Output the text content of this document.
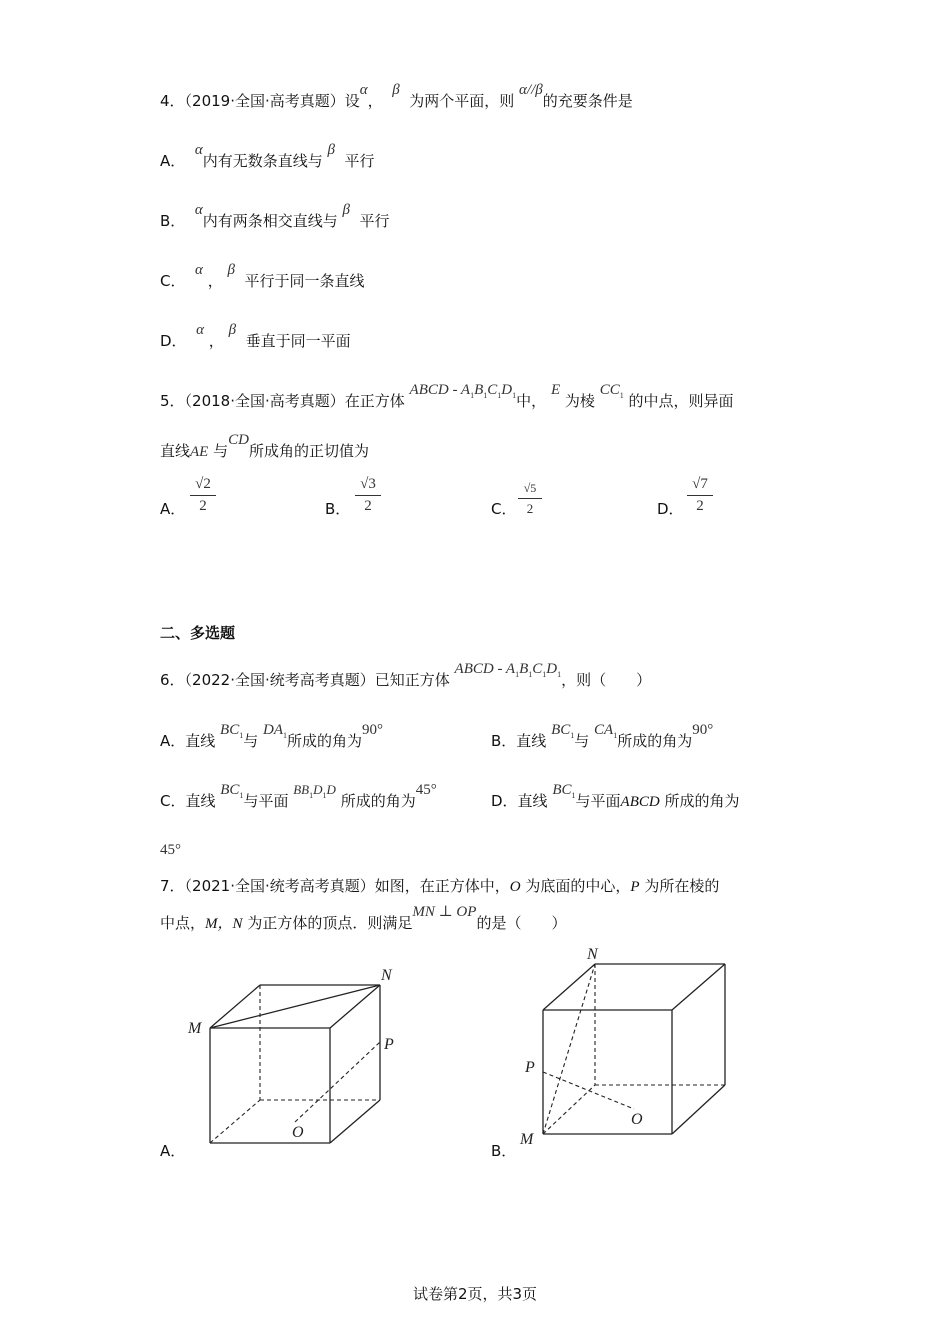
4．（2019·全国·高考真题）设α，  β  为两个平面，则 α//β的充要条件是
A．  α内有无数条直线与 β  平行
B．  α内有两条相交直线与 β  平行
C．  α ， β  平行于同一条直线
D．  α ， β  垂直于同一平面
5．（2018·全国·高考真题）在正方体 ABCD - $A_1B_1C_1D_1$中， E 为棱 $CC_1$ 的中点，则异面
直线AE 与CD所成角的正切值为
A． $\frac{√2}{2}$	B． $\frac{√3}{2}$	C． $\frac{√5}{2}$	D． $\frac{√7}{2}$
二、多选题
6．（2022·全国·统考高考真题）已知正方体 ABCD - $A_1B_1C_1D_1$，则（　　）
A．直线 $BC_1$与 $DA_1$所成的角为90°
B．直线 $BC_1$与 $CA_1$所成的角为90°
C．直线 $BC_1$与平面 $BB_1D_1D$ 所成的角为45°
D．直线 $BC_1$与平面ABCD 所成的角为
45°
7．（2021·全国·统考高考真题）如图，在正方体中，O 为底面的中心，P 为所在棱的
中点，M，N 为正方体的顶点．则满足MN ⊥ OP的是（　　）
M
N
P
O
A．
N
P
O
M
B．
试卷第2页，共3页
